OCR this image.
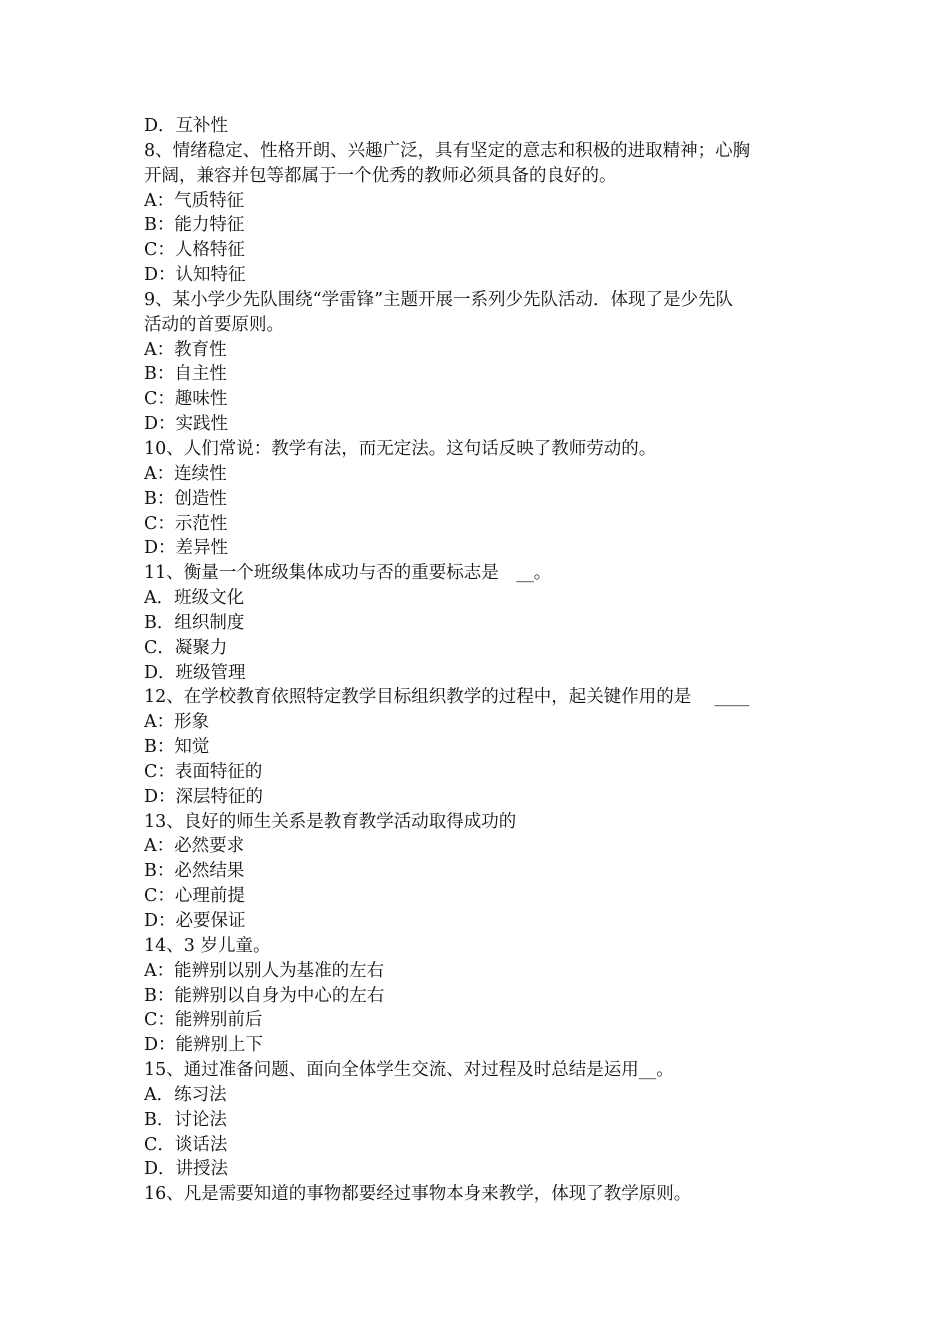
D．互补性
8、情绪稳定、性格开朗、兴趣广泛，具有坚定的意志和积极的进取精神；心胸
开阔，兼容并包等都属于一个优秀的教师必须具备的良好的。
A：气质特征
B：能力特征
C：人格特征
D：认知特征
9、某小学少先队围绕“学雷锋”主题开展一系列少先队活动．体现了是少先队
活动的首要原则。
A：教育性
B：自主性
C：趣味性
D：实践性
10、人们常说：教学有法，而无定法。这句话反映了教师劳动的。
A：连续性
B：创造性
C：示范性
D：差异性
11、衡量一个班级集体成功与否的重要标志是　__。
A．班级文化
B．组织制度
C．凝聚力
D．班级管理
12、在学校教育依照特定教学目标组织教学的过程中，起关键作用的是　 ____
A：形象
B：知觉
C：表面特征的
D：深层特征的
13、良好的师生关系是教育教学活动取得成功的
A：必然要求
B：必然结果
C：心理前提
D：必要保证
14、3 岁儿童。
A：能辨别以别人为基准的左右
B：能辨别以自身为中心的左右
C：能辨别前后
D：能辨别上下
15、通过准备问题、面向全体学生交流、对过程及时总结是运用__。
A．练习法
B．讨论法
C．谈话法
D．讲授法
16、凡是需要知道的事物都要经过事物本身来教学，体现了教学原则。
